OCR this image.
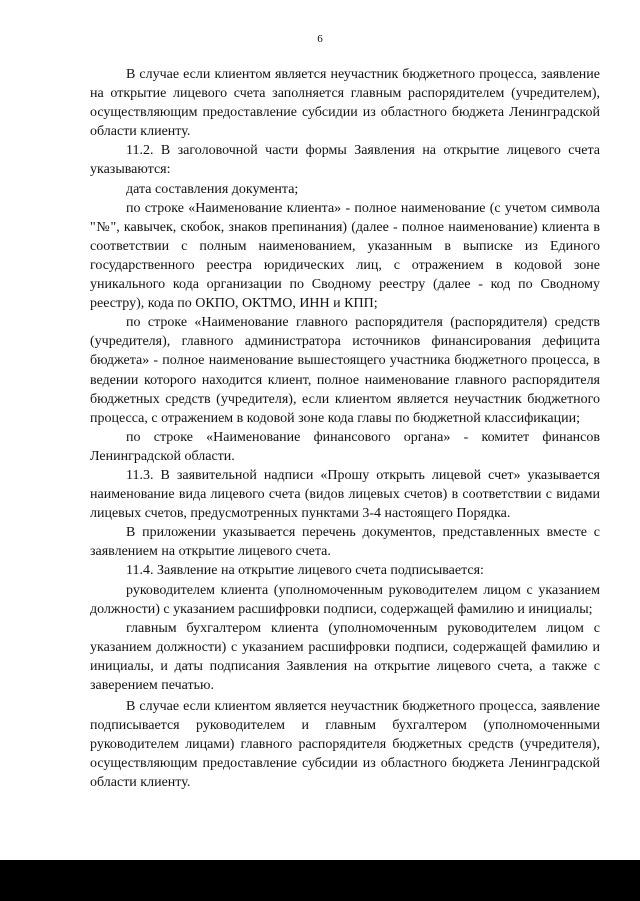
6

В случае если клиентом является неучастник бюджетного процесса, заявление на открытие лицевого счета заполняется главным распорядителем (учредителем), осуществляющим предоставление субсидии из областного бюджета Ленинградской области клиенту.

11.2. В заголовочной части формы Заявления на открытие лицевого счета указываются:

дата составления документа;

по строке «Наименование клиента» - полное наименование (с учетом символа "№", кавычек, скобок, знаков препинания) (далее - полное наименование) клиента в соответствии с полным наименованием, указанным в выписке из Единого государственного реестра юридических лиц, с отражением в кодовой зоне уникального кода организации по Сводному реестру (далее - код по Сводному реестру), кода по ОКПО, ОКТМО, ИНН и КПП;

по строке «Наименование главного распорядителя (распорядителя) средств (учредителя), главного администратора источников финансирования дефицита бюджета» - полное наименование вышестоящего участника бюджетного процесса, в ведении которого находится клиент, полное наименование главного распорядителя бюджетных средств (учредителя), если клиентом является неучастник бюджетного процесса, с отражением в кодовой зоне кода главы по бюджетной классификации;

по строке «Наименование финансового органа» - комитет финансов Ленинградской области.

11.3. В заявительной надписи «Прошу открыть лицевой счет» указывается наименование вида лицевого счета (видов лицевых счетов) в соответствии с видами лицевых счетов, предусмотренных пунктами 3-4 настоящего Порядка.

В приложении указывается перечень документов, представленных вместе с заявлением на открытие лицевого счета.

11.4. Заявление на открытие лицевого счета подписывается:

руководителем клиента (уполномоченным руководителем лицом с указанием должности) с указанием расшифровки подписи, содержащей фамилию и инициалы;

главным бухгалтером клиента (уполномоченным руководителем лицом с указанием должности) с указанием расшифровки подписи, содержащей фамилию и инициалы, и даты подписания Заявления на открытие лицевого счета, а также с заверением печатью.

В случае если клиентом является неучастник бюджетного процесса, заявление подписывается руководителем и главным бухгалтером (уполномоченными руководителем лицами) главного распорядителя бюджетных средств (учредителя), осуществляющим предоставление субсидии из областного бюджета Ленинградской области клиенту.
